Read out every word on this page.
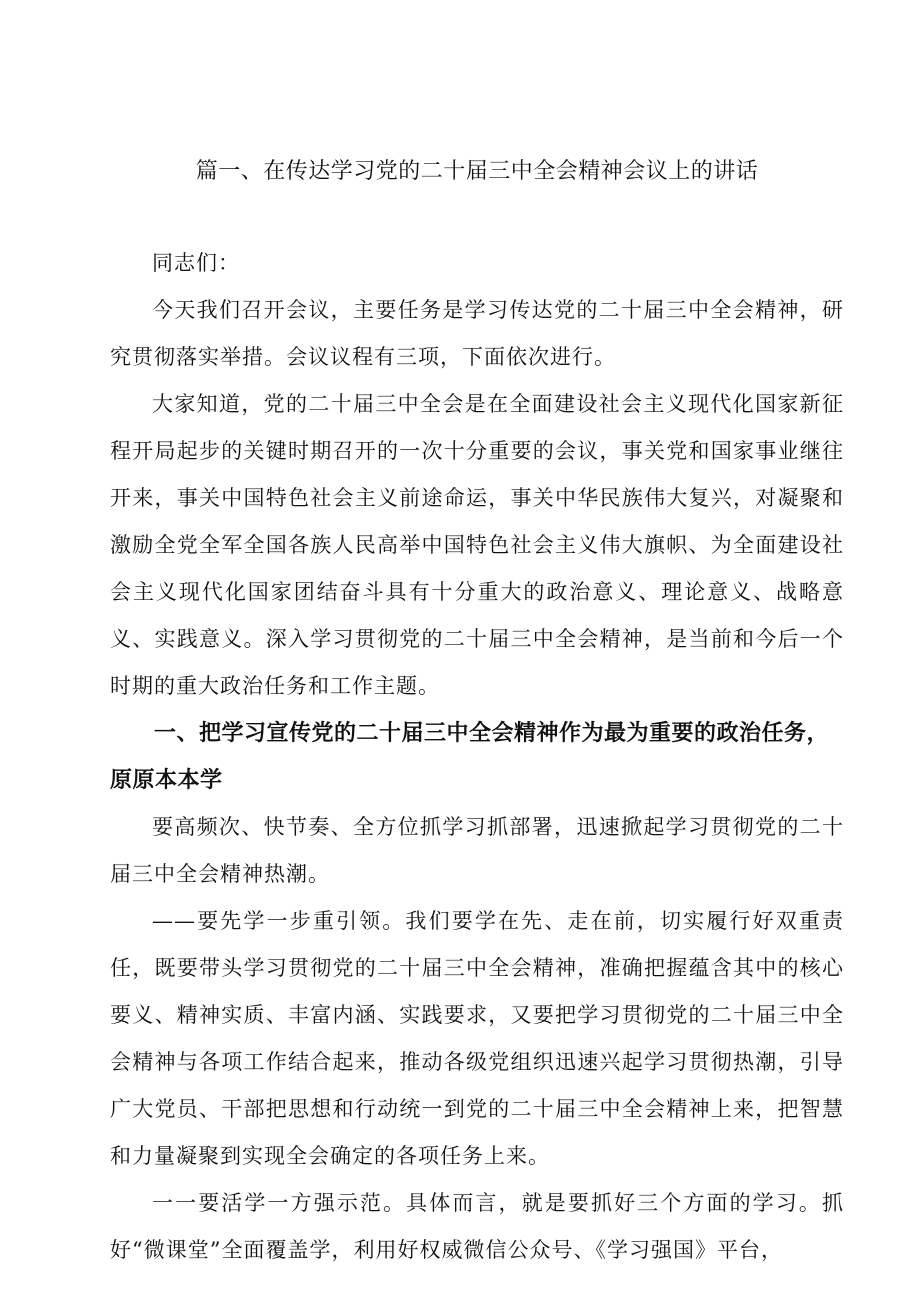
篇一、在传达学习党的二十届三中全会精神会议上的讲话

同志们：

今天我们召开会议，主要任务是学习传达党的二十届三中全会精神，研究贯彻落实举措。会议议程有三项，下面依次进行。

大家知道，党的二十届三中全会是在全面建设社会主义现代化国家新征程开局起步的关键时期召开的一次十分重要的会议，事关党和国家事业继往开来，事关中国特色社会主义前途命运，事关中华民族伟大复兴，对凝聚和激励全党全军全国各族人民高举中国特色社会主义伟大旗帜、为全面建设社会主义现代化国家团结奋斗具有十分重大的政治意义、理论意义、战略意义、实践意义。深入学习贯彻党的二十届三中全会精神，是当前和今后一个时期的重大政治任务和工作主题。

一、把学习宣传党的二十届三中全会精神作为最为重要的政治任务，原原本本学

要高频次、快节奏、全方位抓学习抓部署，迅速掀起学习贯彻党的二十届三中全会精神热潮。

——要先学一步重引领。我们要学在先、走在前，切实履行好双重责任，既要带头学习贯彻党的二十届三中全会精神，准确把握蕴含其中的核心要义、精神实质、丰富内涵、实践要求，又要把学习贯彻党的二十届三中全会精神与各项工作结合起来，推动各级党组织迅速兴起学习贯彻热潮，引导广大党员、干部把思想和行动统一到党的二十届三中全会精神上来，把智慧和力量凝聚到实现全会确定的各项任务上来。

一一要活学一方强示范。具体而言，就是要抓好三个方面的学习。抓好“微课堂”全面覆盖学，利用好权威微信公众号、《学习强国》平台，
